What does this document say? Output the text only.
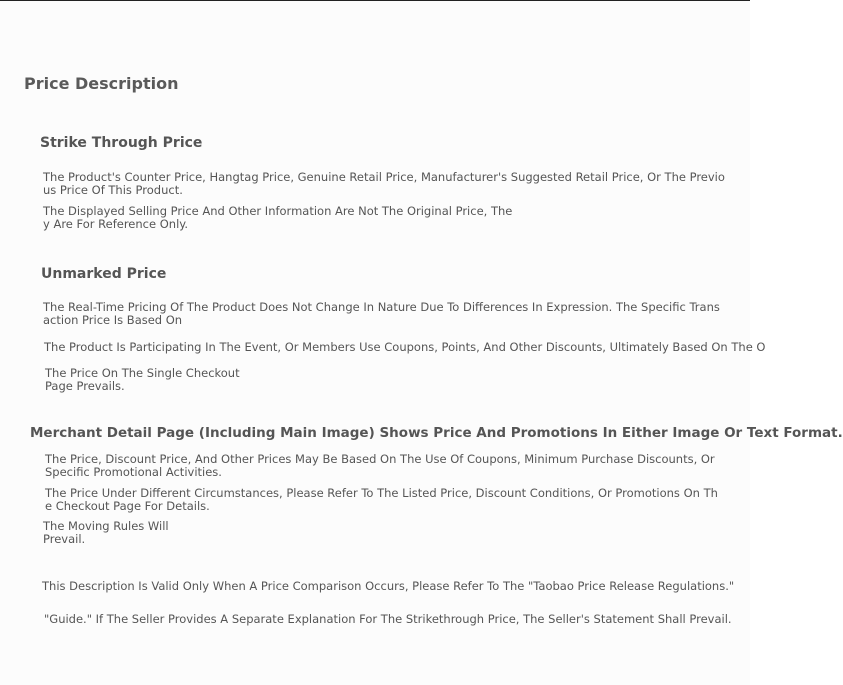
Price Description
Strike Through Price
The Product's Counter Price, Hangtag Price, Genuine Retail Price, Manufacturer's Suggested Retail Price, Or The Previo
us Price Of This Product.
The Displayed Selling Price And Other Information Are Not The Original Price, The
y Are For Reference Only.
Unmarked Price
The Real-Time Pricing Of The Product Does Not Change In Nature Due To Differences In Expression. The Specific Trans
action Price Is Based On
The Product Is Participating In The Event, Or Members Use Coupons, Points, And Other Discounts, Ultimately Based On The O
The Price On The Single Checkout
Page Prevails.
Merchant Detail Page (Including Main Image) Shows Price And Promotions In Either Image Or Text Format.
The Price, Discount Price, And Other Prices May Be Based On The Use Of Coupons, Minimum Purchase Discounts, Or
Specific Promotional Activities.
The Price Under Different Circumstances, Please Refer To The Listed Price, Discount Conditions, Or Promotions On Th
e Checkout Page For Details.
The Moving Rules Will
Prevail.

This Description Is Valid Only When A Price Comparison Occurs, Please Refer To The "Taobao Price Release Regulations."

"Guide." If The Seller Provides A Separate Explanation For The Strikethrough Price, The Seller's Statement Shall Prevail.
